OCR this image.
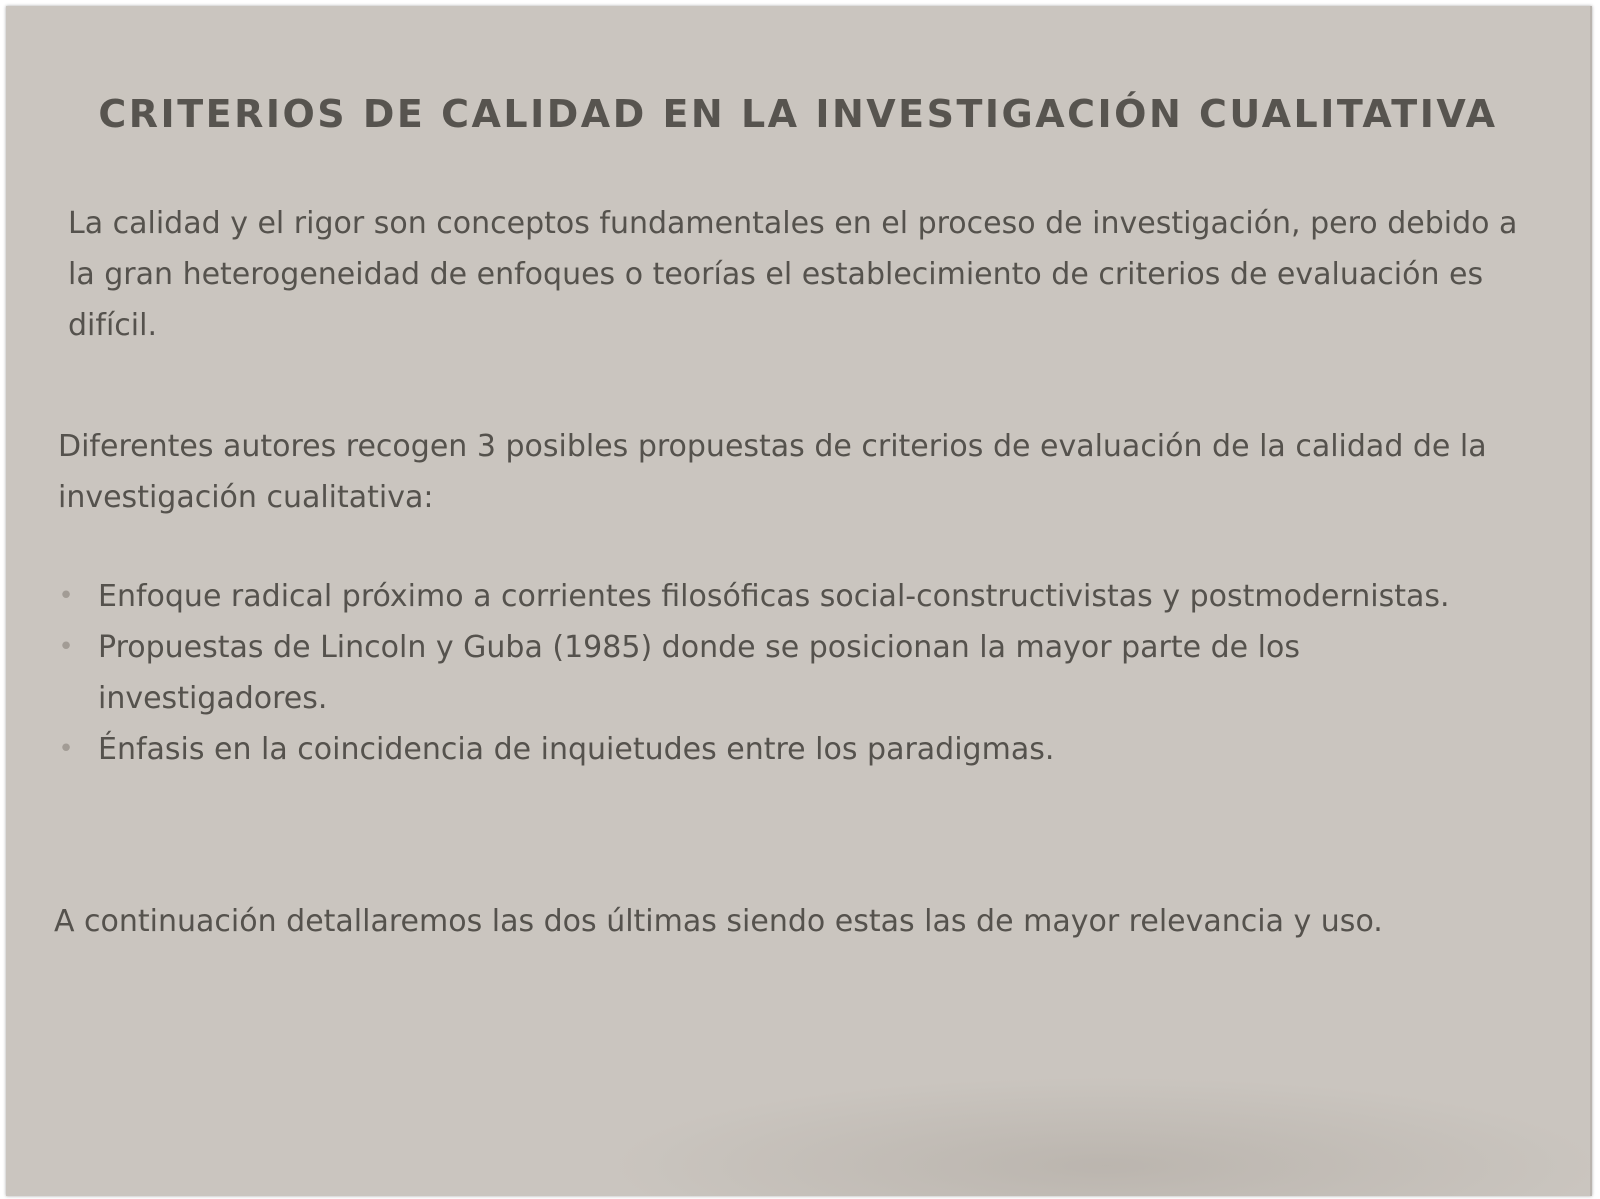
CRITERIOS DE CALIDAD EN LA INVESTIGACIÓN CUALITATIVA

La calidad y el rigor son conceptos fundamentales en el proceso de investigación, pero debido a la gran heterogeneidad de enfoques o teorías el establecimiento de criterios de evaluación es difícil.

Diferentes autores recogen 3 posibles propuestas de criterios de evaluación de la calidad de la investigación cualitativa:

• Enfoque radical próximo a corrientes filosóficas social-constructivistas y postmodernistas.
• Propuestas de Lincoln y Guba (1985) donde se posicionan la mayor parte de los investigadores.
• Énfasis en la coincidencia de inquietudes entre los paradigmas.

A continuación detallaremos las dos últimas siendo estas las de mayor relevancia y uso.
